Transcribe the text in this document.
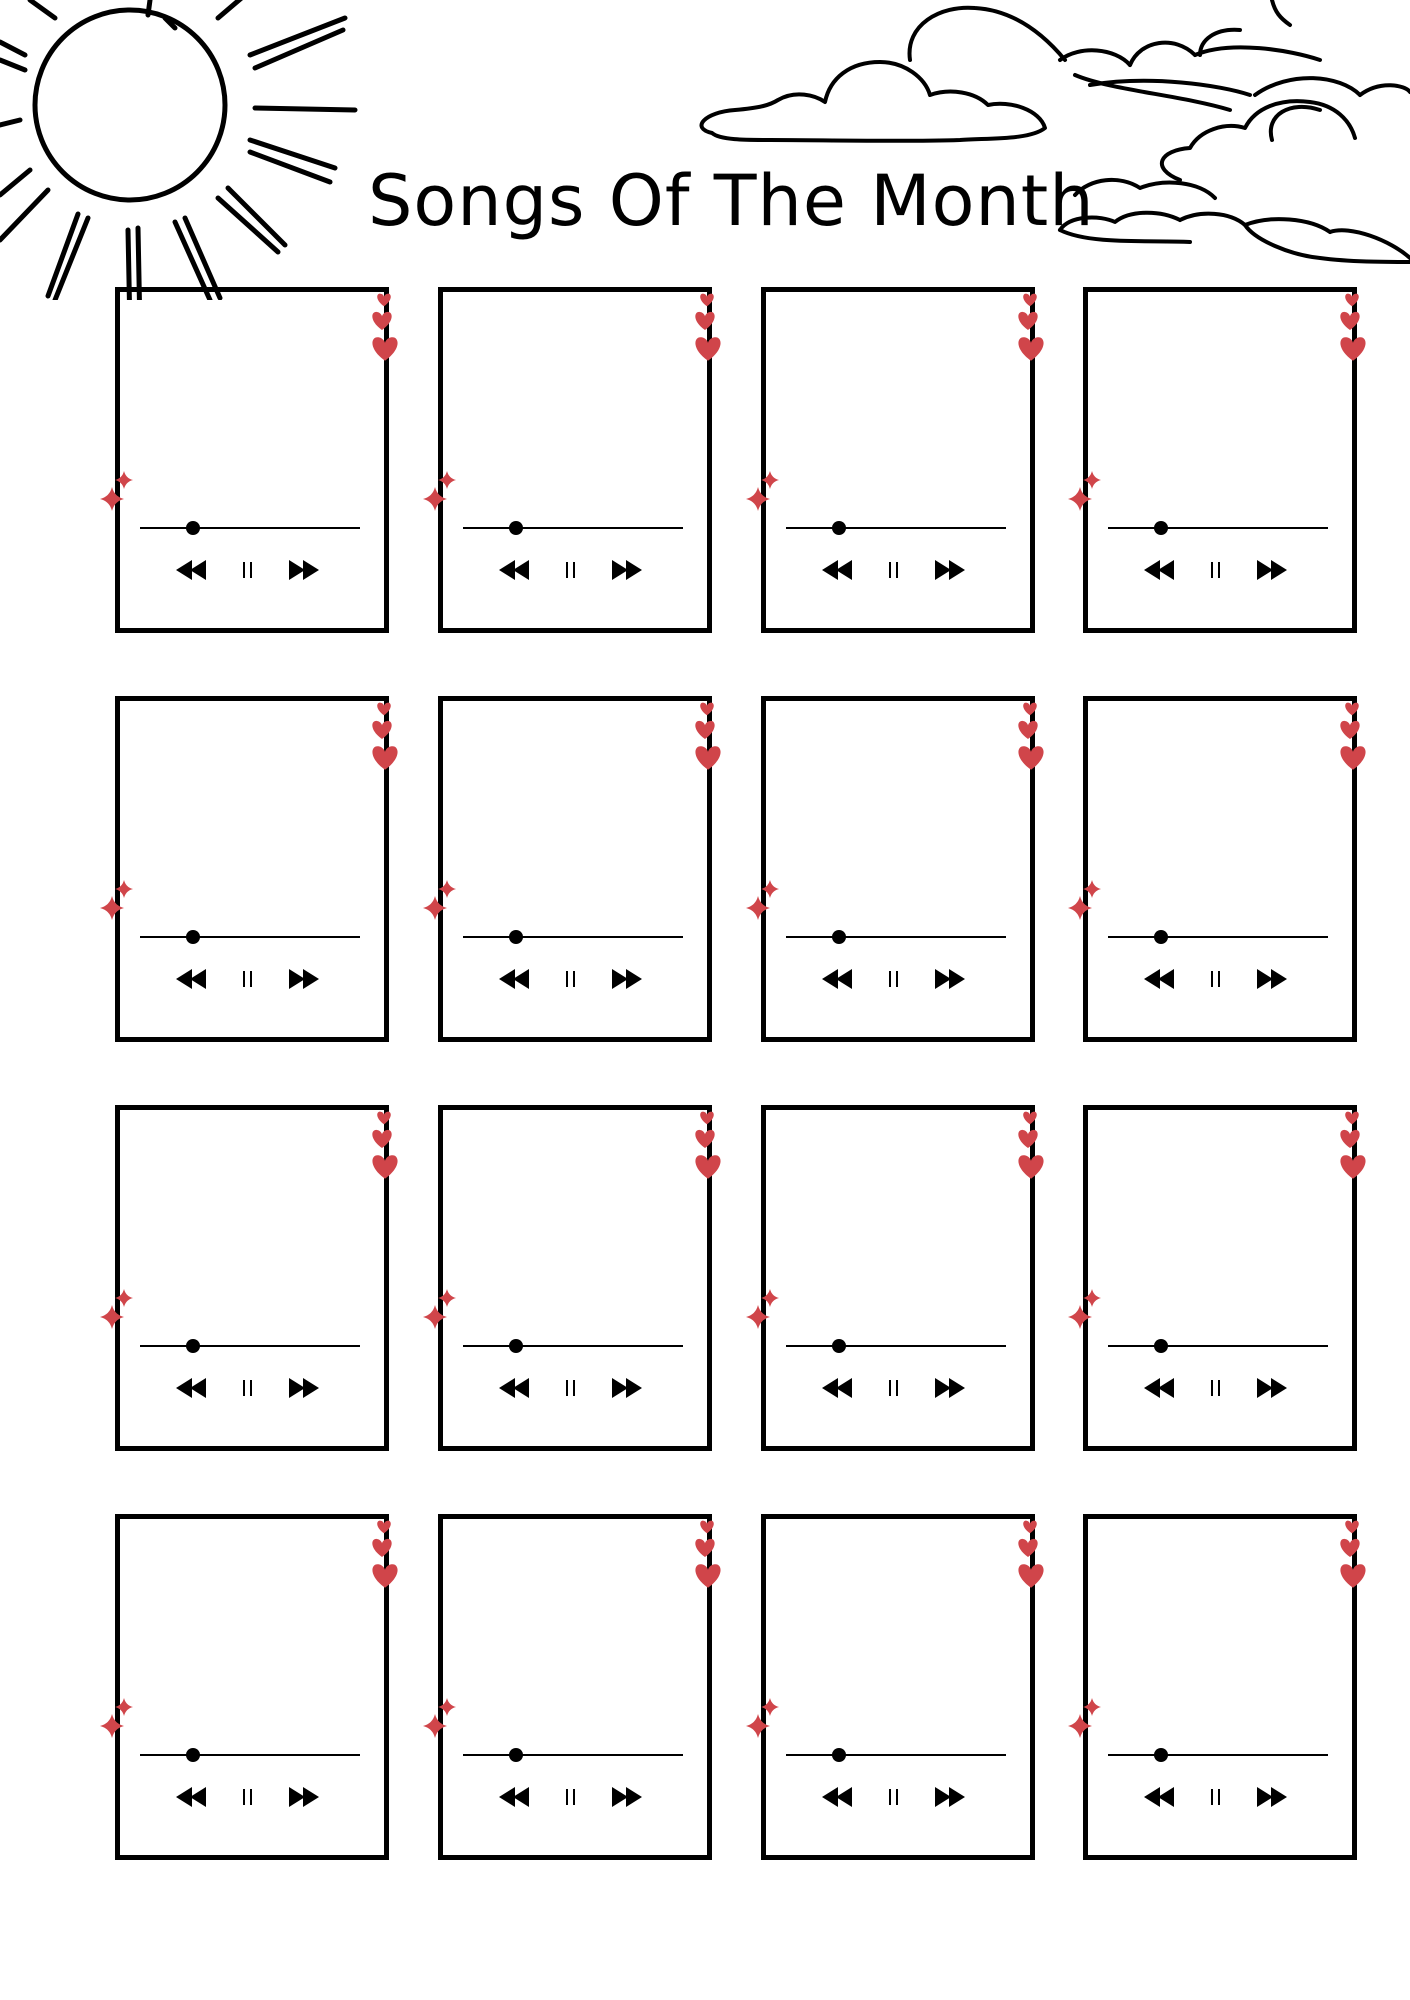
Songs Of The Month
